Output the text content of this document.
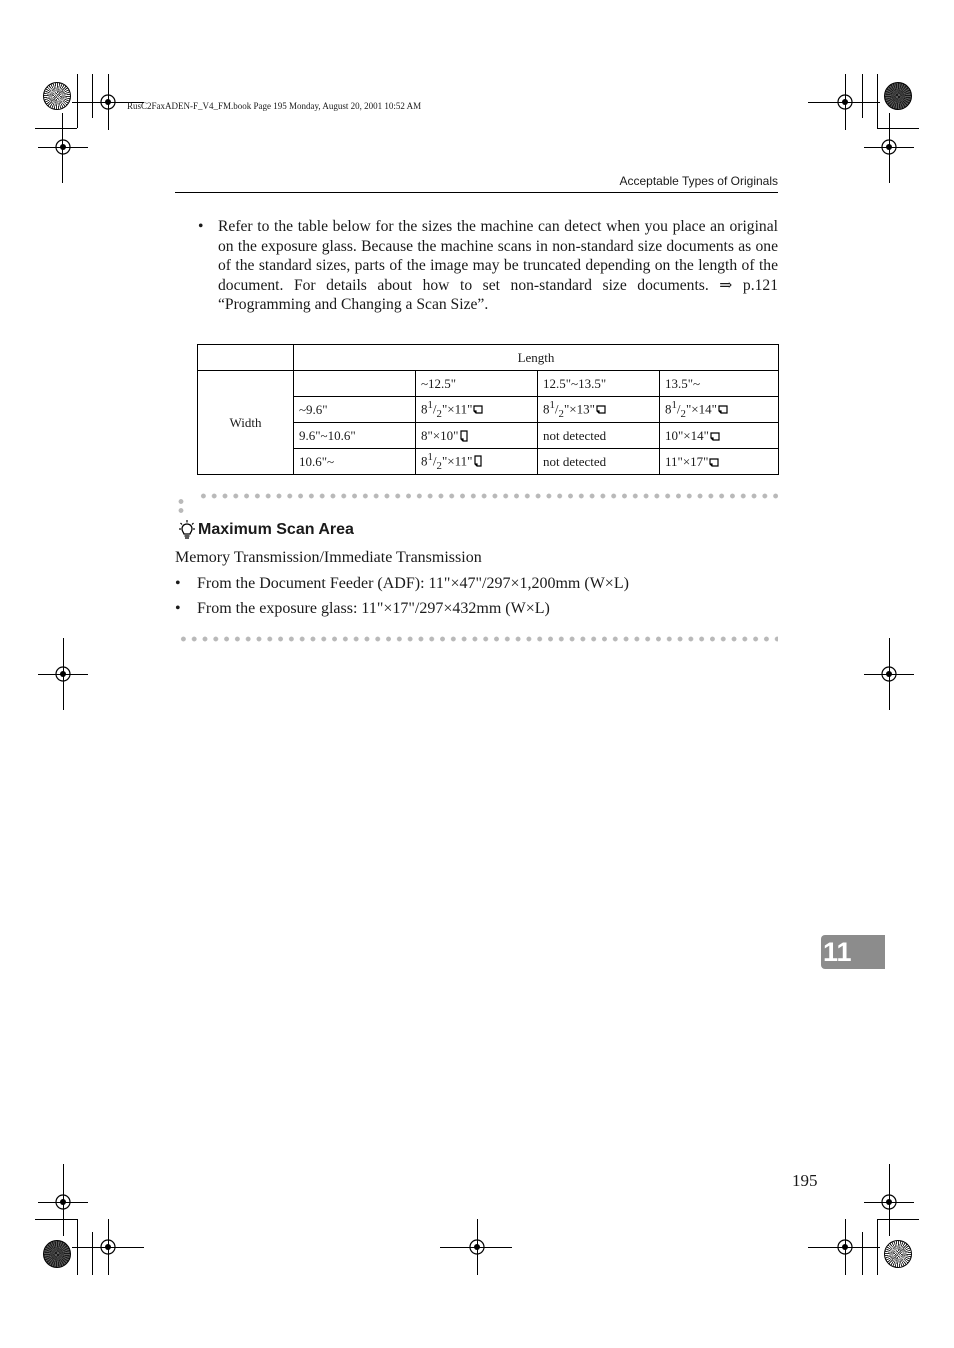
RusC2FaxADEN-F_V4_FM.book Page 195 Monday, August 20, 2001 10:52 AM
Acceptable Types of Originals
• Refer to the table below for the sizes the machine can detect when you place an original on the exposure glass. Because the machine scans in non-standard size documents as one of the standard sizes, parts of the image may be truncated depending on the length of the document. For details about how to set non-standard size documents. ⇒ p.121 “Programming and Changing a Scan Size”.
	Length			
Width		~12.5"	12.5"~13.5"	13.5"~
	~9.6"	$8^1/_2"\times 11$"	$8^1/_2"\times 13$"	$8^1/_2"\times 14$"
	9.6"~10.6"	8"×10"	not detected	10"×14"
	10.6"~	$8^1/_2"\times 11$"	not detected	11"×17"
Maximum Scan Area
Memory Transmission/Immediate Transmission
• From the Document Feeder (ADF): 11"×47"/297×1,200mm (W×L)
• From the exposure glass: 11"×17"/297×432mm (W×L)
11
195
